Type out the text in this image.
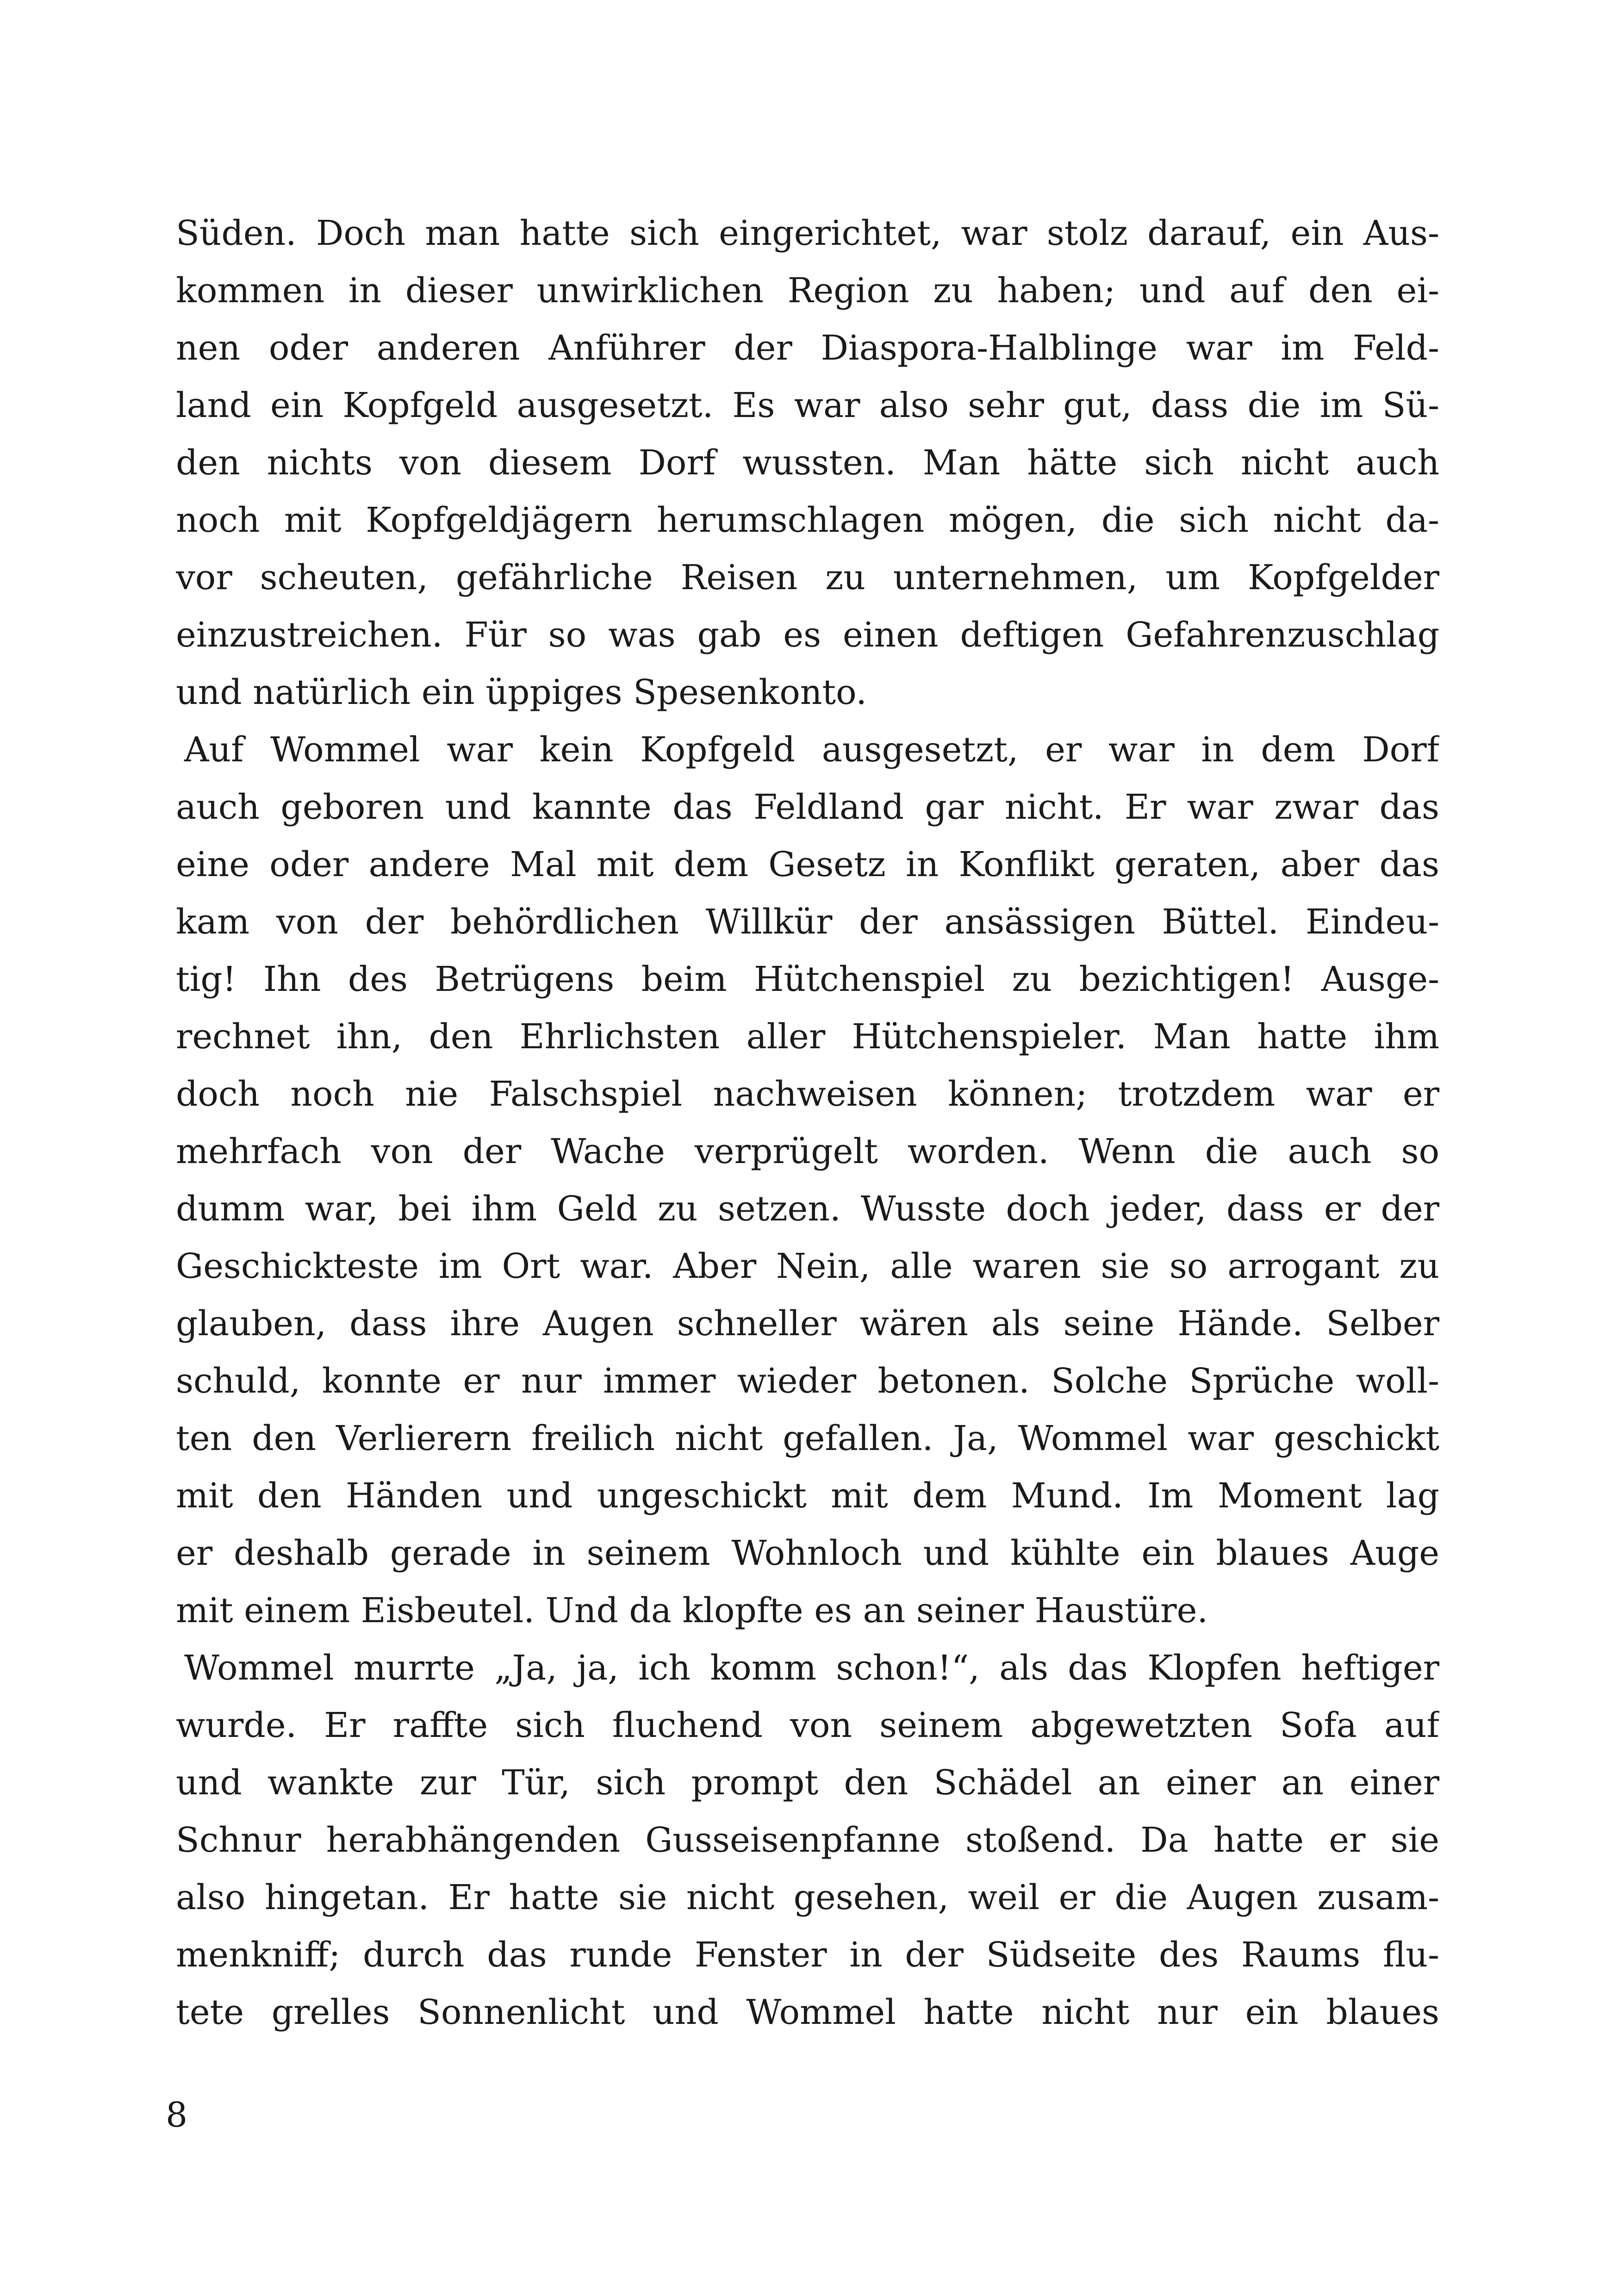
Süden. Doch man hatte sich eingerichtet, war stolz darauf, ein Aus-
kommen in dieser unwirklichen Region zu haben; und auf den ei-
nen oder anderen Anführer der Diaspora-Halblinge war im Feld-
land ein Kopfgeld ausgesetzt. Es war also sehr gut, dass die im Sü-
den nichts von diesem Dorf wussten. Man hätte sich nicht auch
noch mit Kopfgeldjägern herumschlagen mögen, die sich nicht da-
vor scheuten, gefährliche Reisen zu unternehmen, um Kopfgelder
einzustreichen. Für so was gab es einen deftigen Gefahrenzuschlag
und natürlich ein üppiges Spesenkonto.
Auf Wommel war kein Kopfgeld ausgesetzt, er war in dem Dorf
auch geboren und kannte das Feldland gar nicht. Er war zwar das
eine oder andere Mal mit dem Gesetz in Konflikt geraten, aber das
kam von der behördlichen Willkür der ansässigen Büttel. Eindeu-
tig! Ihn des Betrügens beim Hütchenspiel zu bezichtigen! Ausge-
rechnet ihn, den Ehrlichsten aller Hütchenspieler. Man hatte ihm
doch noch nie Falschspiel nachweisen können; trotzdem war er
mehrfach von der Wache verprügelt worden. Wenn die auch so
dumm war, bei ihm Geld zu setzen. Wusste doch jeder, dass er der
Geschickteste im Ort war. Aber Nein, alle waren sie so arrogant zu
glauben, dass ihre Augen schneller wären als seine Hände. Selber
schuld, konnte er nur immer wieder betonen. Solche Sprüche woll-
ten den Verlierern freilich nicht gefallen. Ja, Wommel war geschickt
mit den Händen und ungeschickt mit dem Mund. Im Moment lag
er deshalb gerade in seinem Wohnloch und kühlte ein blaues Auge
mit einem Eisbeutel. Und da klopfte es an seiner Haustüre.
Wommel murrte „Ja, ja, ich komm schon!“, als das Klopfen heftiger
wurde. Er raffte sich fluchend von seinem abgewetzten Sofa auf
und wankte zur Tür, sich prompt den Schädel an einer an einer
Schnur herabhängenden Gusseisenpfanne stoßend. Da hatte er sie
also hingetan. Er hatte sie nicht gesehen, weil er die Augen zusam-
menkniff; durch das runde Fenster in der Südseite des Raums flu-
tete grelles Sonnenlicht und Wommel hatte nicht nur ein blaues
8
